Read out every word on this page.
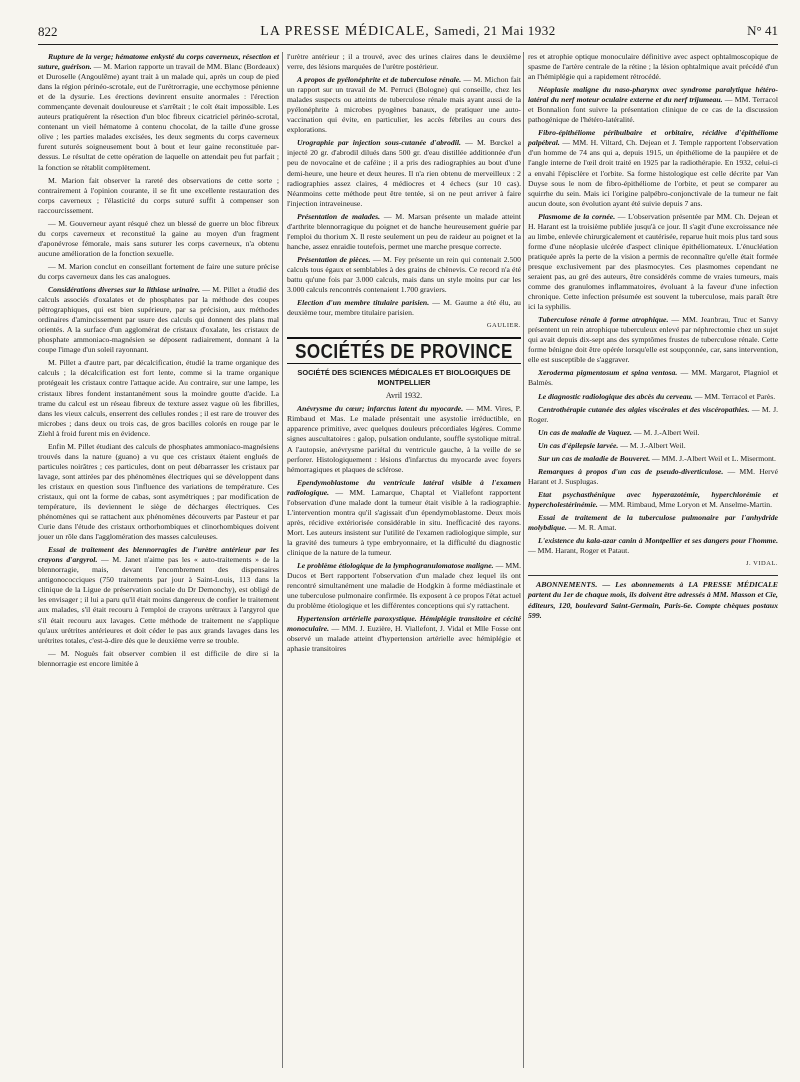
822	LA PRESSE MÉDICALE, Samedi, 21 Mai 1932	N° 41

Rupture de la verge; hématome enkysté du corps caverneux, résection et suture, guérison. — M. Marion rapporte un travail de MM. Blanc (Bordeaux) et Duroselle (Angoulême) ayant trait à un malade qui, après un coup de pied dans la région périnéo-scrotale, eut de l'urétrorragie, une ecchymose pénienne et de la dysurie. Les érections devinrent ensuite anormales : l'érection commençante devenait douloureuse et s'arrêtait ; le coït était impossible. Les auteurs pratiquèrent la résection d'un bloc fibreux cicatriciel périnéo-scrotal, contenant un vieil hématome à contenu chocolat, de la taille d'une grosse olive ; les parties malades excisées, les deux segments du corps caverneux furent suturés soigneusement bout à bout et leur gaine reconstituée par-dessus. Le résultat de cette opération de laquelle on attendait peu fut parfait ; la fonction se rétablit complètement.

M. Marion fait observer la rareté des observations de cette sorte ; contrairement à l'opinion courante, il se fit une excellente restauration des corps caverneux ; l'élasticité du corps suturé suffit à compenser son raccourcissement.

— M. Gouverneur ayant résqué chez un blessé de guerre un bloc fibreux du corps caverneux et reconstitué la gaine au moyen d'un fragment d'aponévrose fémorale, mais sans suturer les corps caverneux, n'a obtenu aucune amélioration de la fonction sexuelle.

— M. Marion conclut en conseillant fortement de faire une suture précise du corps caverneux dans les cas analogues.

Considérations diverses sur la lithiase urinaire. — M. Pillet a étudié des calculs associés d'oxalates et de phosphates par la méthode des coupes pétrographiques, qui est bien supérieure, par sa précision, aux méthodes ordinaires d'amincissement par usure des calculs qui donnent des plans mal orientés. A la surface d'un agglomérat de cristaux d'oxalate, les cristaux de phosphate ammoniaco-magnésien se déposent radiairement, donnant à la coupe l'image d'un soleil rayonnant.

M. Pillet a d'autre part, par décalcification, étudié la trame organique des calculs ; la décalcification est fort lente, comme si la trame organique protégeait les cristaux contre l'attaque acide. Au contraire, sur une lampe, les cristaux libres fondent instantanément sous la moindre goutte d'acide. La trame du calcul est un réseau fibreux de texture assez vague où les fibrilles, dans les vieux calculs, enserrent des cellules rondes ; il est rare de trouver des microbes ; dans deux ou trois cas, de gros bacilles colorés en rouge par le Ziehl à froid furent mis en évidence.

Enfin M. Pillet étudiant des calculs de phosphates ammoniaco-magnésiens trouvés dans la nature (guano) a vu que ces cristaux étaient englués de particules noirâtres ; ces particules, dont on peut débarrasser les cristaux par lavage, sont attirées par des phénomènes électriques qui se développent dans les cristaux en question sous l'influence des variations de température. Ces cristaux, qui ont la forme de cabas, sont asymétriques ; par modification de température, ils deviennent le siège de décharges électriques. Ces phénomènes qui se rattachent aux phénomènes découverts par Pasteur et par Curie dans l'étude des cristaux orthorhombiques et clinorhombiques doivent jouer un rôle dans l'agglomération des masses calculeuses.

Essai de traitement des blennorragies de l'urètre antérieur par les crayons d'argyrol. — M. Janet n'aime pas les « auto-traitements » de la blennorragie, mais, devant l'encombrement des dispensaires antigonococciques (750 traitements par jour à Saint-Louis, 113 dans la clinique de la Ligue de préservation sociale du Dr Demonchy), est obligé de les envisager ; il lui a paru qu'il était moins dangereux de confier le traitement aux malades, s'il était recouru à l'emploi de crayons urétraux à l'argyrol que s'il était recouru aux lavages. Cette méthode de traitement ne s'applique qu'aux urétrites antérieures et doit céder le pas aux grands lavages dans les urétrites totales, c'est-à-dire dès que le deuxième verre se trouble.

— M. Noguès fait observer combien il est difficile de dire si la blennorragie est encore limitée à

l'urètre antérieur ; il a trouvé, avec des urines claires dans le deuxième verre, des lésions marquées de l'urètre postérieur.

A propos de pyélonéphrite et de tuberculose rénale. — M. Michon fait un rapport sur un travail de M. Perruci (Bologne) qui conseille, chez les malades suspects ou atteints de tuberculose rénale mais ayant aussi de la pyélonéphrite à microbes pyogènes banaux, de pratiquer une auto-vaccination qui évite, en particulier, les accès fébriles au cours des explorations.

Urographie par injection sous-cutanée d'abrodil. — M. Bœckel a injecté 20 gr. d'abrodil dilués dans 500 gr. d'eau distillée additionnée d'un peu de novocaïne et de caféine ; il a pris des radiographies au bout d'une demi-heure, une heure et deux heures. Il n'a rien obtenu de merveilleux : 2 radiographies assez claires, 4 médiocres et 4 échecs (sur 10 cas). Néanmoins cette méthode peut être tentée, si on ne peut arriver à faire l'injection intraveineuse.

Présentation de malades. — M. Marsan présente un malade atteint d'arthrite blennorragique du poignet et de hanche heureusement guérie par l'emploi du thorium X. Il reste seulement un peu de raideur au poignet et la hanche, assez enraidie toutefois, permet une marche presque correcte.

Présentation de pièces. — M. Fey présente un rein qui contenait 2.500 calculs tous égaux et semblables à des grains de chènevis. Ce record n'a été battu qu'une fois par 3.000 calculs, mais dans un style moins pur car les 3.000 calculs rencontrés contenaient 1.700 graviers.

Election d'un membre titulaire parisien. — M. Gaume a été élu, au deuxième tour, membre titulaire parisien.

GAULIER.

SOCIÉTÉS DE PROVINCE
SOCIÉTÉ DES SCIENCES MÉDICALES ET BIOLOGIQUES DE MONTPELLIER
Avril 1932.

Anévrysme du cœur; infarctus latent du myocarde. — MM. Vires, P. Rimbaud et Mas. Le malade présentait une asystolie irréductible, en apparence primitive, avec quelques douleurs précordiales légères. Comme signes auscultatoires : galop, pulsation ondulante, souffle systolique mitral. A l'autopsie, anévrysme pariétal du ventricule gauche, à la veille de se perforer. Histologiquement : lésions d'infarctus du myocarde avec foyers hémorragiques et plaques de sclérose.

Ependymoblastome du ventricule latéral visible à l'examen radiologique. — MM. Lamarque, Chaptal et Viallefont rapportent l'observation d'une malade dont la tumeur était visible à la radiographie. L'intervention montra qu'il s'agissait d'un épendymoblastome. Deux mois après, récidive extériorisée considérable in situ. Inefficacité des rayons. Mort. Les auteurs insistent sur l'utilité de l'examen radiologique simple, sur la gravité des tumeurs à type embryonnaire, et la difficulté du diagnostic clinique de la nature de la tumeur.

Le problème étiologique de la lymphogranulomatose maligne. — MM. Ducos et Bert rapportent l'observation d'un malade chez lequel ils ont rencontré simultanément une maladie de Hodgkin à forme médiastinale et une tuberculose pulmonaire confirmée. Ils exposent à ce propos l'état actuel du problème étiologique et les différentes conceptions qui s'y rattachent.

Hypertension artérielle paroxystique. Hémiplégie transitoire et cécité monoculaire. — MM. J. Euzière, H. Viallefont, J. Vidal et Mlle Fosse ont observé un malade atteint d'hypertension artérielle avec hémiplégie et aphasie transitoires

res et atrophie optique monoculaire définitive avec aspect ophtalmoscopique de spasme de l'artère centrale de la rétine ; la lésion ophtalmique avait précédé d'un an l'hémiplégie qui a rapidement rétrocédé.

Néoplasie maligne du naso-pharynx avec syndrome paralytique hétéro-latéral du nerf moteur oculaire externe et du nerf trijumeau. — MM. Terracol et Bonnalion font suivre la présentation clinique de ce cas de la discussion pathogénique de l'hétéro-latéralité.

Fibro-épithéliome péribulbaire et orbitaire, récidive d'épithéliome palpébral. — MM. H. Viltard, Ch. Dejean et J. Temple rapportent l'observation d'un homme de 74 ans qui a, depuis 1915, un épithéliome de la paupière et de l'angle interne de l'œil droit traité en 1925 par la radiothérapie. En 1932, celui-ci a envahi l'épisclère et l'orbite. Sa forme histologique est celle décrite par Van Duyse sous le nom de fibro-épithéliome de l'orbite, et peut se comparer au squirrhe du sein. Mais ici l'origine palpébro-conjonctivale de la tumeur ne fait aucun doute, son évolution ayant été suivie depuis 7 ans.

Plasmome de la cornée. — L'observation présentée par MM. Ch. Dejean et H. Harant est la troisième publiée jusqu'à ce jour. Il s'agit d'une excroissance née au limbe, enlevée chirurgicalement et cautérisée, reparue huit mois plus tard sous forme d'une néoplasie ulcérée d'aspect clinique épithéliomateux. L'énucléation pratiquée après la perte de la vision a permis de reconnaître qu'elle était formée presque exclusivement par des plasmocytes. Ces plasmomes cependant ne seraient pas, au gré des auteurs, être considérés comme de vraies tumeurs, mais comme des granulomes inflammatoires, évoluant à la faveur d'une infection chronique. Cette infection présumée est souvent la tuberculose, mais paraît être ici la syphilis.

Tuberculose rénale à forme atrophique. — MM. Jeanbrau, Truc et Sanvy présentent un rein atrophique tuberculeux enlevé par néphrectomie chez un sujet qui avait depuis dix-sept ans des symptômes frustes de tuberculose rénale. Cette forme bénigne doit être opérée lorsqu'elle est soupçonnée, car, sans intervention, elle est susceptible de s'aggraver.

Xeroderma pigmentosum et spina ventosa. — MM. Margarot, Plagniol et Balmès.

Le diagnostic radiologique des abcès du cerveau. — MM. Terracol et Parès.

Centrothérapie cutanée des algies viscérales et des viscéropathies. — M. J. Roger.

Un cas de maladie de Vaquez. — M. J.-Albert Weil.

Un cas d'épilepsie larvée. — M. J.-Albert Weil.

Sur un cas de maladie de Bouveret. — MM. J.-Albert Weil et L. Misermont.

Remarques à propos d'un cas de pseudo-diverticulose. — MM. Hervé Harant et J. Susplugas.

Etat psychasthénique avec hyperazotémie, hyperchlorémie et hypercholestérinémie. — MM. Rimbaud, Mme Loryon et M. Anselme-Martin.

Essai de traitement de la tuberculose pulmonaire par l'anhydride molybdique. — M. R. Amat.

L'existence du kala-azar canin à Montpellier et ses dangers pour l'homme. — MM. Harant, Roger et Pataut.

J. VIDAL.

ABONNEMENTS. — Les abonnements à LA PRESSE MÉDICALE partent du 1er de chaque mois, ils doivent être adressés à MM. Masson et Cie, éditeurs, 120, boulevard Saint-Germain, Paris-6e. Compte chèques postaux 599.
